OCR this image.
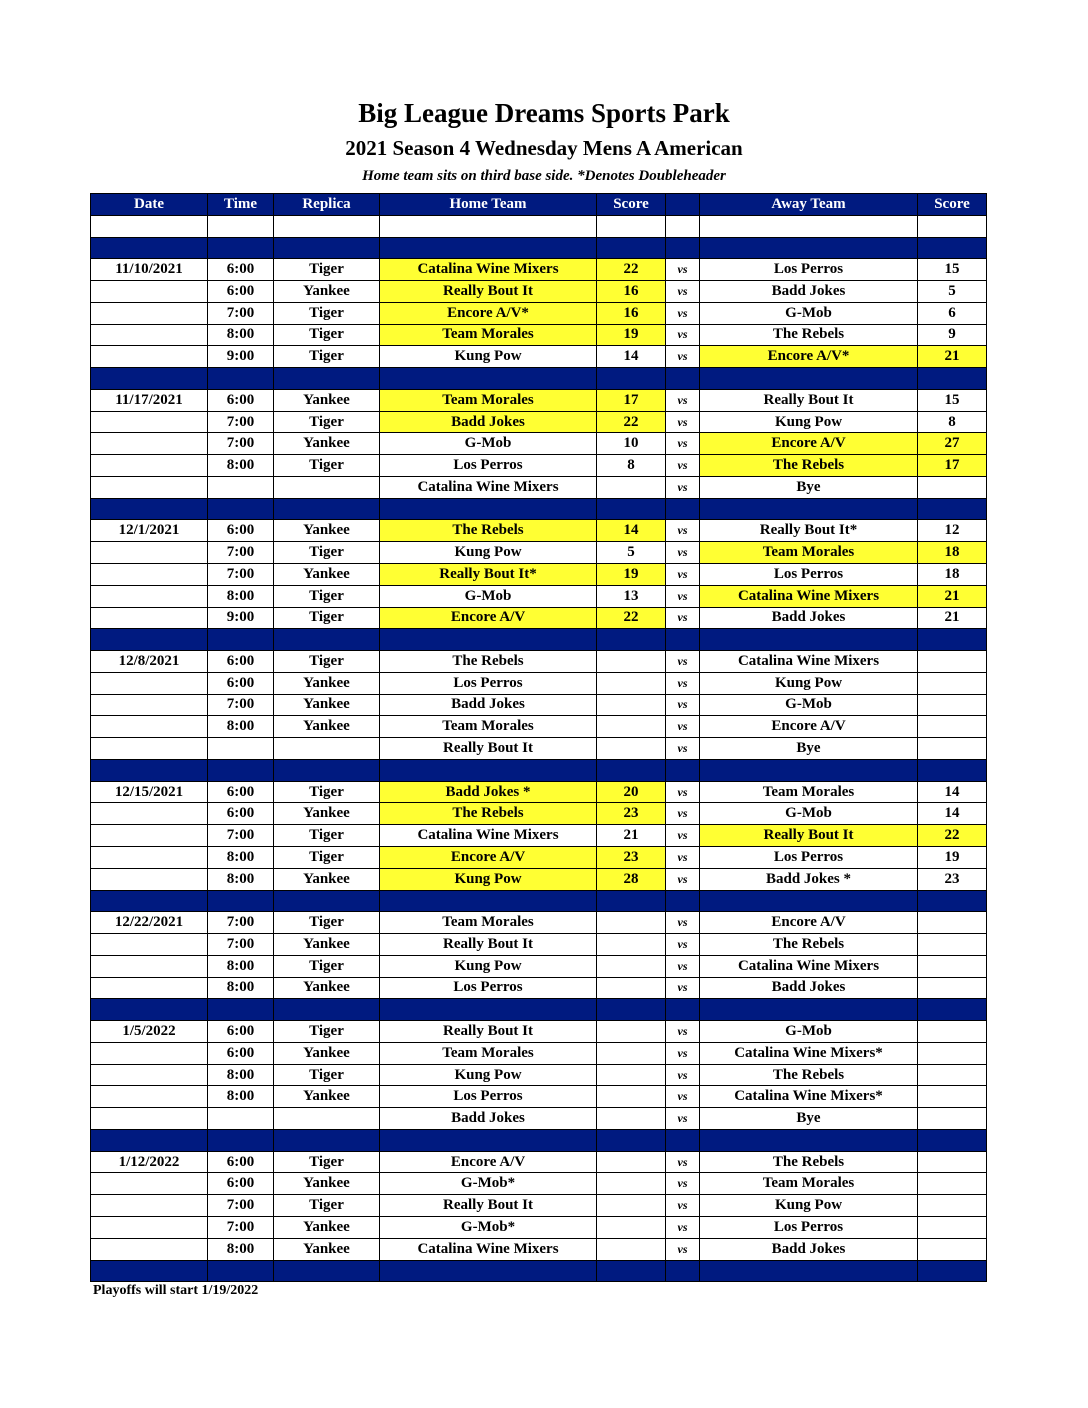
Big League Dreams Sports Park
2021 Season 4 Wednesday Mens A American
Home team sits on third base side. *Denotes Doubleheader
Date	Time	Replica	Home Team	Score		Away Team	Score

11/10/2021	6:00	Tiger	Catalina Wine Mixers	22	vs	Los Perros	15
	6:00	Yankee	Really Bout It	16	vs	Badd Jokes	5
	7:00	Tiger	Encore A/V*	16	vs	G-Mob	6
	8:00	Tiger	Team Morales	19	vs	The Rebels	9
	9:00	Tiger	Kung Pow	14	vs	Encore A/V*	21

11/17/2021	6:00	Yankee	Team Morales	17	vs	Really Bout It	15
	7:00	Tiger	Badd Jokes	22	vs	Kung Pow	8
	7:00	Yankee	G-Mob	10	vs	Encore A/V	27
	8:00	Tiger	Los Perros	8	vs	The Rebels	17
			Catalina Wine Mixers		vs	Bye	

12/1/2021	6:00	Yankee	The Rebels	14	vs	Really Bout It*	12
	7:00	Tiger	Kung Pow	5	vs	Team Morales	18
	7:00	Yankee	Really Bout It*	19	vs	Los Perros	18
	8:00	Tiger	G-Mob	13	vs	Catalina Wine Mixers	21
	9:00	Tiger	Encore A/V	22	vs	Badd Jokes	21

12/8/2021	6:00	Tiger	The Rebels		vs	Catalina Wine Mixers	
	6:00	Yankee	Los Perros		vs	Kung Pow	
	7:00	Yankee	Badd Jokes		vs	G-Mob	
	8:00	Yankee	Team Morales		vs	Encore A/V	
			Really Bout It		vs	Bye	

12/15/2021	6:00	Tiger	Badd Jokes *	20	vs	Team Morales	14
	6:00	Yankee	The Rebels	23	vs	G-Mob	14
	7:00	Tiger	Catalina Wine Mixers	21	vs	Really Bout It	22
	8:00	Tiger	Encore A/V	23	vs	Los Perros	19
	8:00	Yankee	Kung Pow	28	vs	Badd Jokes *	23

12/22/2021	7:00	Tiger	Team Morales		vs	Encore A/V	
	7:00	Yankee	Really Bout It		vs	The Rebels	
	8:00	Tiger	Kung Pow		vs	Catalina Wine Mixers	
	8:00	Yankee	Los Perros		vs	Badd Jokes	

1/5/2022	6:00	Tiger	Really Bout It		vs	G-Mob	
	6:00	Yankee	Team Morales		vs	Catalina Wine Mixers*	
	8:00	Tiger	Kung Pow		vs	The Rebels	
	8:00	Yankee	Los Perros		vs	Catalina Wine Mixers*	
			Badd Jokes		vs	Bye	

1/12/2022	6:00	Tiger	Encore A/V		vs	The Rebels	
	6:00	Yankee	G-Mob*		vs	Team Morales	
	7:00	Tiger	Really Bout It		vs	Kung Pow	
	7:00	Yankee	G-Mob*		vs	Los Perros	
	8:00	Yankee	Catalina Wine Mixers		vs	Badd Jokes	

Playoffs will start 1/19/2022
